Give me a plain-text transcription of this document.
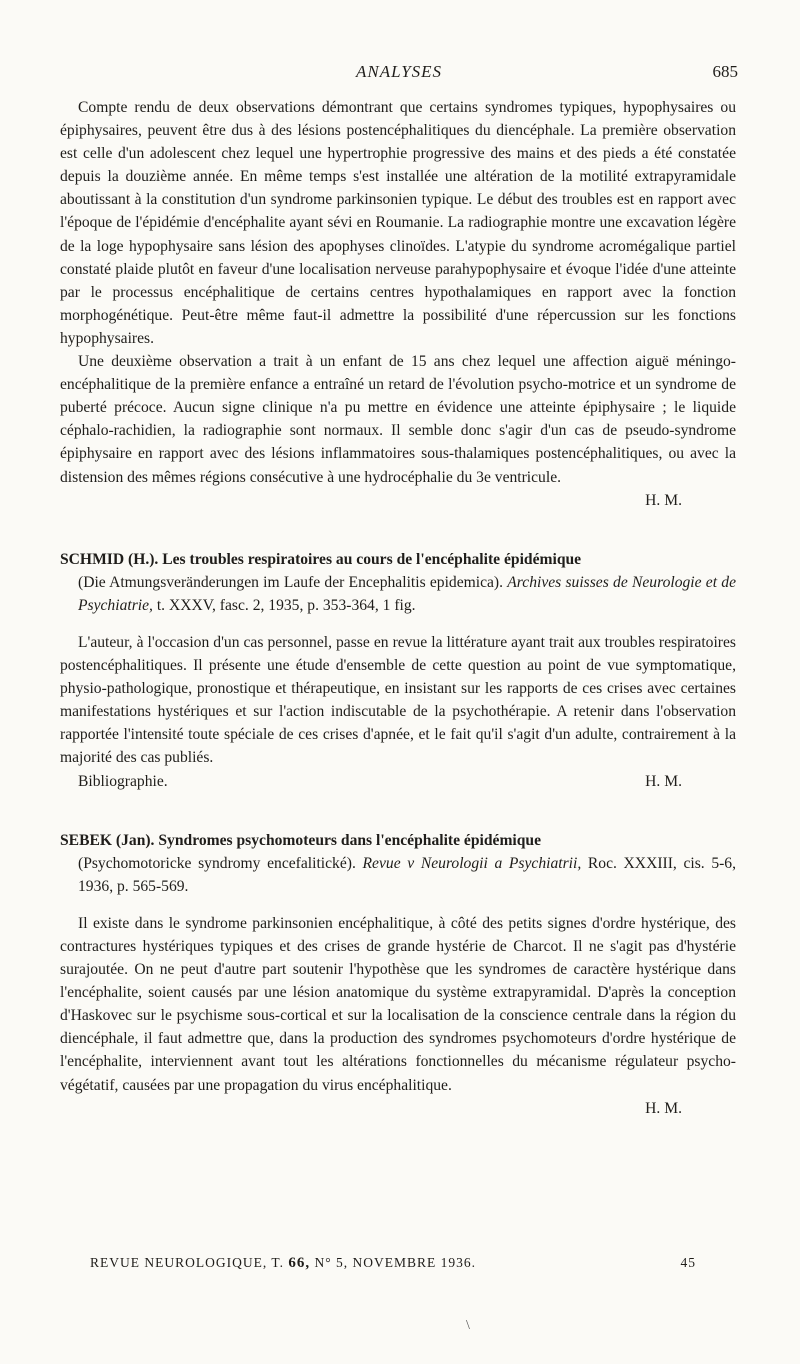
ANALYSES	685

Compte rendu de deux observations démontrant que certains syndromes typiques, hypophysaires ou épiphysaires, peuvent être dus à des lésions postencéphalitiques du diencéphale. La première observation est celle d'un adolescent chez lequel une hypertrophie progressive des mains et des pieds a été constatée depuis la douzième année. En même temps s'est installée une altération de la motilité extrapyramidale aboutissant à la constitution d'un syndrome parkinsonien typique. Le début des troubles est en rapport avec l'époque de l'épidémie d'encéphalite ayant sévi en Roumanie. La radiographie montre une excavation légère de la loge hypophysaire sans lésion des apophyses clinoïdes. L'atypie du syndrome acromégalique partiel constaté plaide plutôt en faveur d'une localisation nerveuse parahypophysaire et évoque l'idée d'une atteinte par le processus encéphalitique de certains centres hypothalamiques en rapport avec la fonction morphogénétique. Peut-être même faut-il admettre la possibilité d'une répercussion sur les fonctions hypophysaires.

Une deuxième observation a trait à un enfant de 15 ans chez lequel une affection aiguë méningo-encéphalitique de la première enfance a entraîné un retard de l'évolution psycho-motrice et un syndrome de puberté précoce. Aucun signe clinique n'a pu mettre en évidence une atteinte épiphysaire ; le liquide céphalo-rachidien, la radiographie sont normaux. Il semble donc s'agir d'un cas de pseudo-syndrome épiphysaire en rapport avec des lésions inflammatoires sous-thalamiques postencéphalitiques, ou avec la distension des mêmes régions consécutive à une hydrocéphalie du 3e ventricule.

H. M.

SCHMID (H.). Les troubles respiratoires au cours de l'encéphalite épidémique

(Die Atmungsveränderungen im Laufe der Encephalitis epidemica). Archives suisses de Neurologie et de Psychiatrie, t. XXXV, fasc. 2, 1935, p. 353-364, 1 fig.

L'auteur, à l'occasion d'un cas personnel, passe en revue la littérature ayant trait aux troubles respiratoires postencéphalitiques. Il présente une étude d'ensemble de cette question au point de vue symptomatique, physio-pathologique, pronostique et thérapeutique, en insistant sur les rapports de ces crises avec certaines manifestations hystériques et sur l'action indiscutable de la psychothérapie. A retenir dans l'observation rapportée l'intensité toute spéciale de ces crises d'apnée, et le fait qu'il s'agit d'un adulte, contrairement à la majorité des cas publiés.

Bibliographie.	H. M.

SEBEK (Jan). Syndromes psychomoteurs dans l'encéphalite épidémique

(Psychomotoricke syndromy encefalitické). Revue v Neurologii a Psychiatrii, Roc. XXXIII, cis. 5-6, 1936, p. 565-569.

Il existe dans le syndrome parkinsonien encéphalitique, à côté des petits signes d'ordre hystérique, des contractures hystériques typiques et des crises de grande hystérie de Charcot. Il ne s'agit pas d'hystérie surajoutée. On ne peut d'autre part soutenir l'hypothèse que les syndromes de caractère hystérique dans l'encéphalite, soient causés par une lésion anatomique du système extrapyramidal. D'après la conception d'Haskovec sur le psychisme sous-cortical et sur la localisation de la conscience centrale dans la région du diencéphale, il faut admettre que, dans la production des syndromes psychomoteurs d'ordre hystérique de l'encéphalite, interviennent avant tout les altérations fonctionnelles du mécanisme régulateur psycho-végétatif, causées par une propagation du virus encéphalitique.

H. M.

REVUE NEUROLOGIQUE, T. 66, N° 5, NOVEMBRE 1936.	45
\
